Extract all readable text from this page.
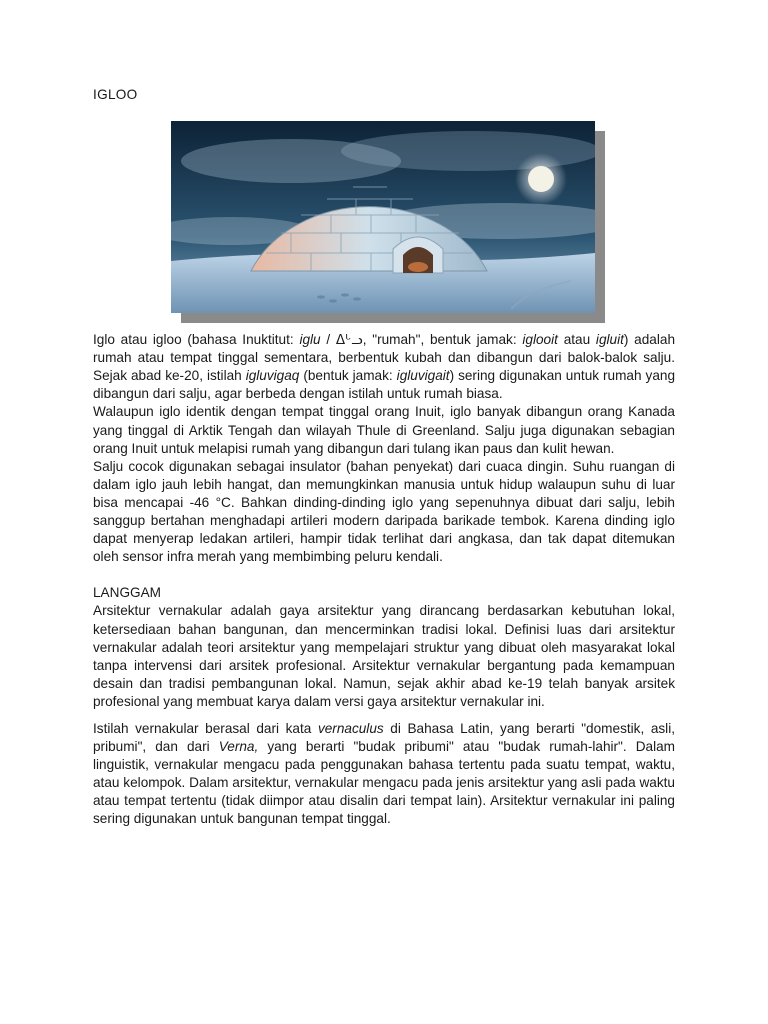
IGLOO

Iglo atau igloo (bahasa Inuktitut: iglu / ᐃᒡᓗ, "rumah", bentuk jamak: iglooit atau igluit) adalah rumah atau tempat tinggal sementara, berbentuk kubah dan dibangun dari balok-balok salju. Sejak abad ke-20, istilah igluvigaq (bentuk jamak: igluvigait) sering digunakan untuk rumah yang dibangun dari salju, agar berbeda dengan istilah untuk rumah biasa.

Walaupun iglo identik dengan tempat tinggal orang Inuit, iglo banyak dibangun orang Kanada yang tinggal di Arktik Tengah dan wilayah Thule di Greenland. Salju juga digunakan sebagian orang Inuit untuk melapisi rumah yang dibangun dari tulang ikan paus dan kulit hewan.

Salju cocok digunakan sebagai insulator (bahan penyekat) dari cuaca dingin. Suhu ruangan di dalam iglo jauh lebih hangat, dan memungkinkan manusia untuk hidup walaupun suhu di luar bisa mencapai -46 °C. Bahkan dinding-dinding iglo yang sepenuhnya dibuat dari salju, lebih sanggup bertahan menghadapi artileri modern daripada barikade tembok. Karena dinding iglo dapat menyerap ledakan artileri, hampir tidak terlihat dari angkasa, dan tak dapat ditemukan oleh sensor infra merah yang membimbing peluru kendali.

LANGGAM

Arsitektur vernakular adalah gaya arsitektur yang dirancang berdasarkan kebutuhan lokal, ketersediaan bahan bangunan, dan mencerminkan tradisi lokal. Definisi luas dari arsitektur vernakular adalah teori arsitektur yang mempelajari struktur yang dibuat oleh masyarakat lokal tanpa intervensi dari arsitek profesional. Arsitektur vernakular bergantung pada kemampuan desain dan tradisi pembangunan lokal. Namun, sejak akhir abad ke-19 telah banyak arsitek profesional yang membuat karya dalam versi gaya arsitektur vernakular ini.

Istilah vernakular berasal dari kata vernaculus di Bahasa Latin, yang berarti "domestik, asli, pribumi", dan dari Verna, yang berarti "budak pribumi" atau "budak rumah-lahir". Dalam linguistik, vernakular mengacu pada penggunakan bahasa tertentu pada suatu tempat, waktu, atau kelompok. Dalam arsitektur, vernakular mengacu pada jenis arsitektur yang asli pada waktu atau tempat tertentu (tidak diimpor atau disalin dari tempat lain). Arsitektur vernakular ini paling sering digunakan untuk bangunan tempat tinggal.
